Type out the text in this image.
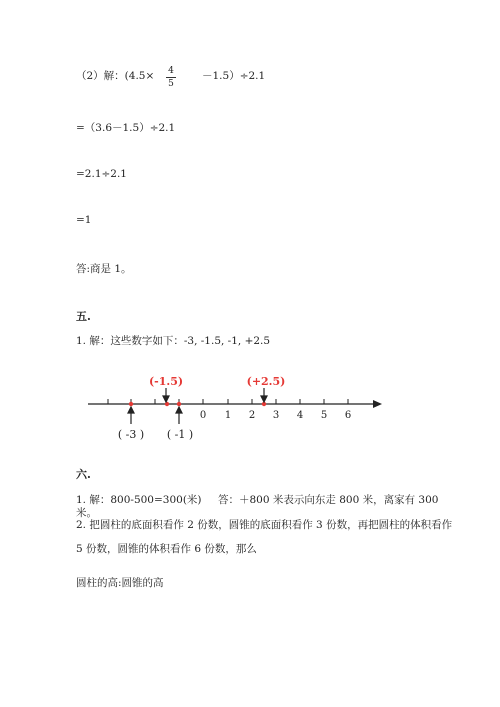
（2）解：(4.5× 4
5
－1.5）÷2.1
=（3.6－1.5）÷2.1
=2.1÷2.1
=1
答:商是 1。
五.
1. 解：这些数字如下：-3, -1.5, -1, +2.5
0 1 2 3 4 5 6
(-1.5)	(+2.5)
( -3 ) ( -1 )
六.
1. 解：800-500=300(米) 答：＋800 米表示向东走 800 米，离家有 300
米。
2. 把圆柱的底面积看作 2 份数，圆锥的底面积看作 3 份数，再把圆柱的体积看作
5 份数，圆锥的体积看作 6 份数，那么
圆柱的高:圆锥的高
